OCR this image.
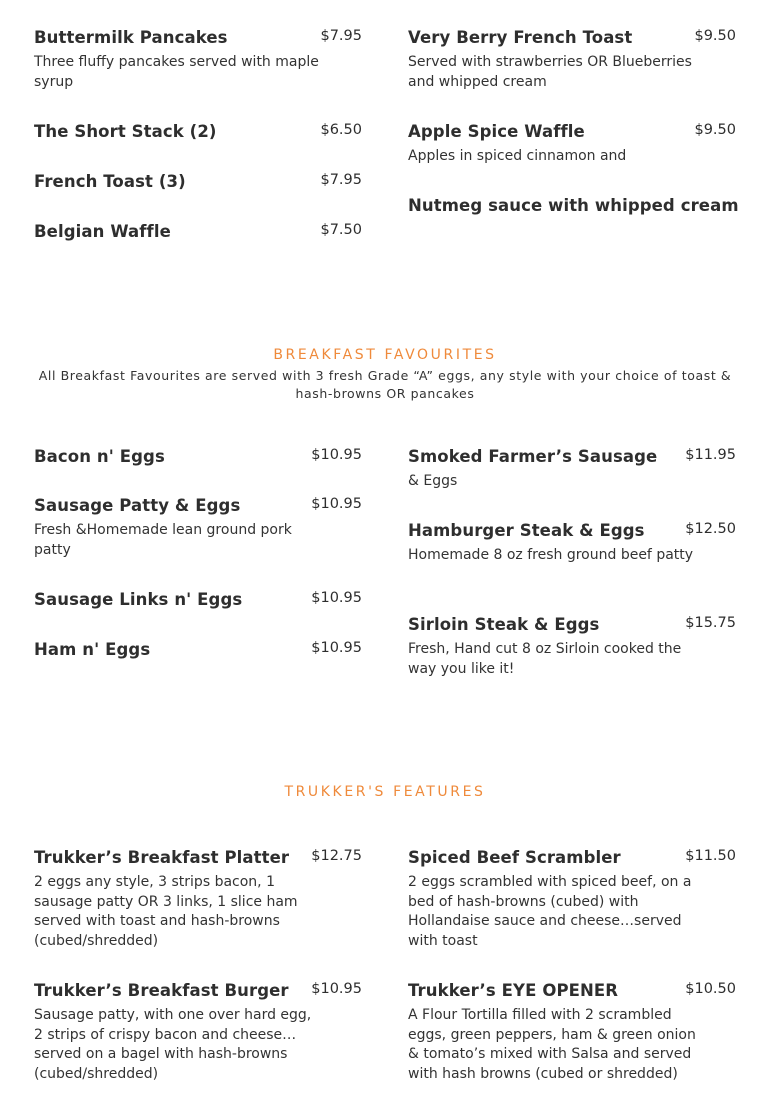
Buttermilk Pancakes	$7.95
Three fluffy pancakes served with maple syrup
The Short Stack (2)	$6.50
French Toast (3)	$7.95
Belgian Waffle	$7.50
Very Berry French Toast	$9.50
Served with strawberries OR Blueberries and whipped cream
Apple Spice Waffle	$9.50
Apples in spiced cinnamon and
Nutmeg sauce with whipped cream
BREAKFAST FAVOURITES
All Breakfast Favourites are served with 3 fresh Grade “A” eggs, any style with your choice of toast & hash-browns OR pancakes
Bacon n' Eggs	$10.95
Sausage Patty & Eggs	$10.95
Fresh &Homemade lean ground pork patty
Sausage Links n' Eggs	$10.95
Ham n' Eggs	$10.95
Smoked Farmer’s Sausage $11.95
& Eggs
Hamburger Steak & Eggs	$12.50
Homemade 8 oz fresh ground beef patty
Sirloin Steak & Eggs	$15.75
Fresh, Hand cut 8 oz Sirloin cooked the way you like it!
TRUKKER'S FEATURES
Trukker’s Breakfast Platter $12.75
2 eggs any style, 3 strips bacon, 1 sausage patty OR 3 links, 1 slice ham served with toast and hash-browns (cubed/shredded)
Trukker’s Breakfast Burger $10.95
Sausage patty, with one over hard egg, 2 strips of crispy bacon and cheese… served on a bagel with hash-browns (cubed/shredded)
Spiced Beef Scrambler	$11.50
2 eggs scrambled with spiced beef, on a bed of hash-browns (cubed) with Hollandaise sauce and cheese…served with toast
Trukker’s EYE OPENER	$10.50
A Flour Tortilla filled with 2 scrambled eggs, green peppers, ham & green onion & tomato’s mixed with Salsa and served with hash browns (cubed or shredded)
